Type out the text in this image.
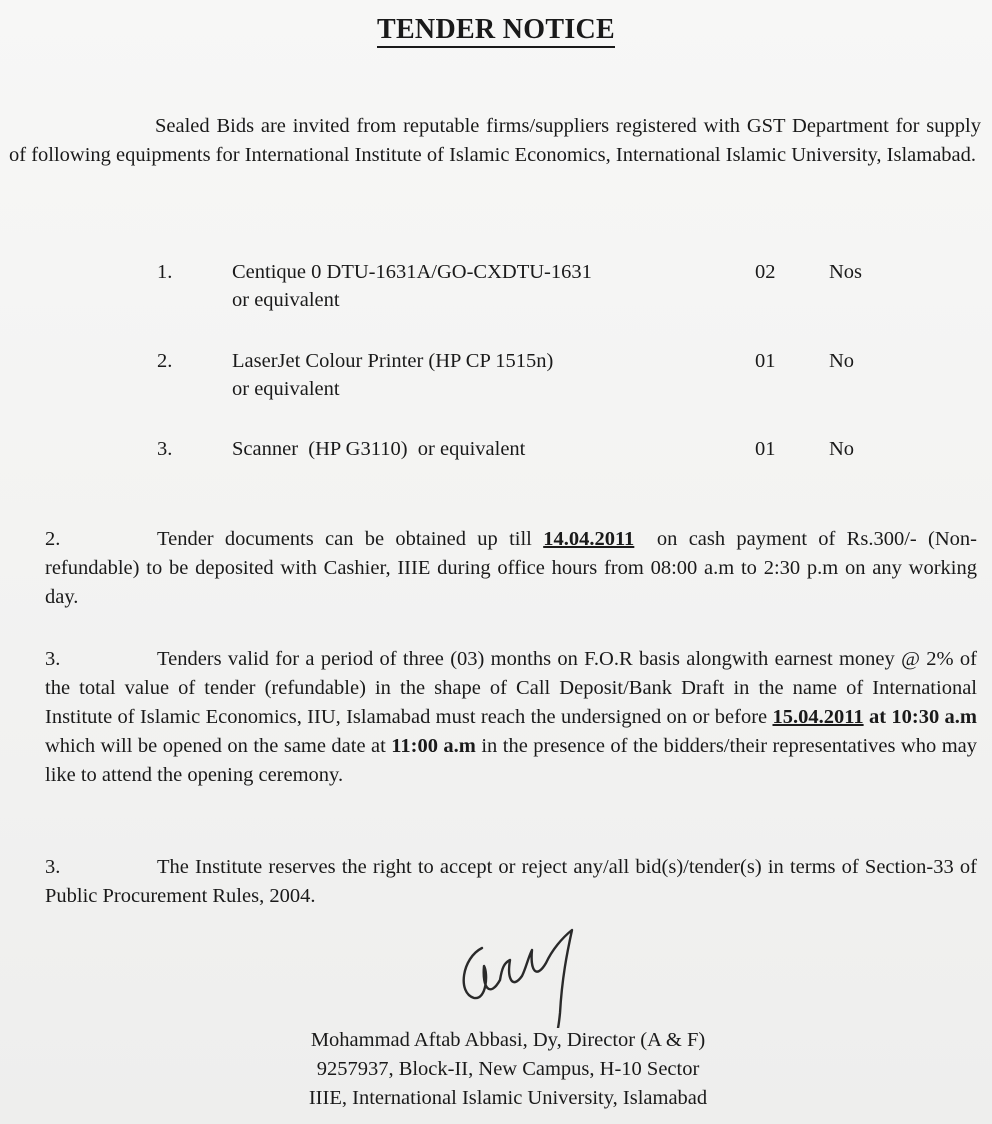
TENDER NOTICE
Sealed Bids are invited from reputable firms/suppliers registered with GST Department for supply of following equipments for International Institute of Islamic Economics, International Islamic University, Islamabad.
1.	Centique 0 DTU-1631A/GO-CXDTU-1631
or equivalent
02	Nos
2.	LaserJet Colour Printer (HP CP 1515n)
or equivalent
01	No
3.	Scanner  (HP G3110)  or equivalent	01	No
2.	Tender documents can be obtained up till 14.04.2011  on cash payment of Rs.300/- (Non-refundable) to be deposited with Cashier, IIIE during office hours from 08:00 a.m to 2:30 p.m on any working day.
3.	Tenders valid for a period of three (03) months on F.O.R basis alongwith earnest money @ 2% of the total value of tender (refundable) in the shape of Call Deposit/Bank Draft in the name of International Institute of Islamic Economics, IIU, Islamabad must reach the undersigned on or before 15.04.2011 at 10:30 a.m which will be opened on the same date at 11:00 a.m in the presence of the bidders/their representatives who may like to attend the opening ceremony.
3.	The Institute reserves the right to accept or reject any/all bid(s)/tender(s) in terms of Section-33 of Public Procurement Rules, 2004.
Mohammad Aftab Abbasi, Dy, Director (A & F)
9257937, Block-II, New Campus, H-10 Sector
IIIE, International Islamic University, Islamabad
